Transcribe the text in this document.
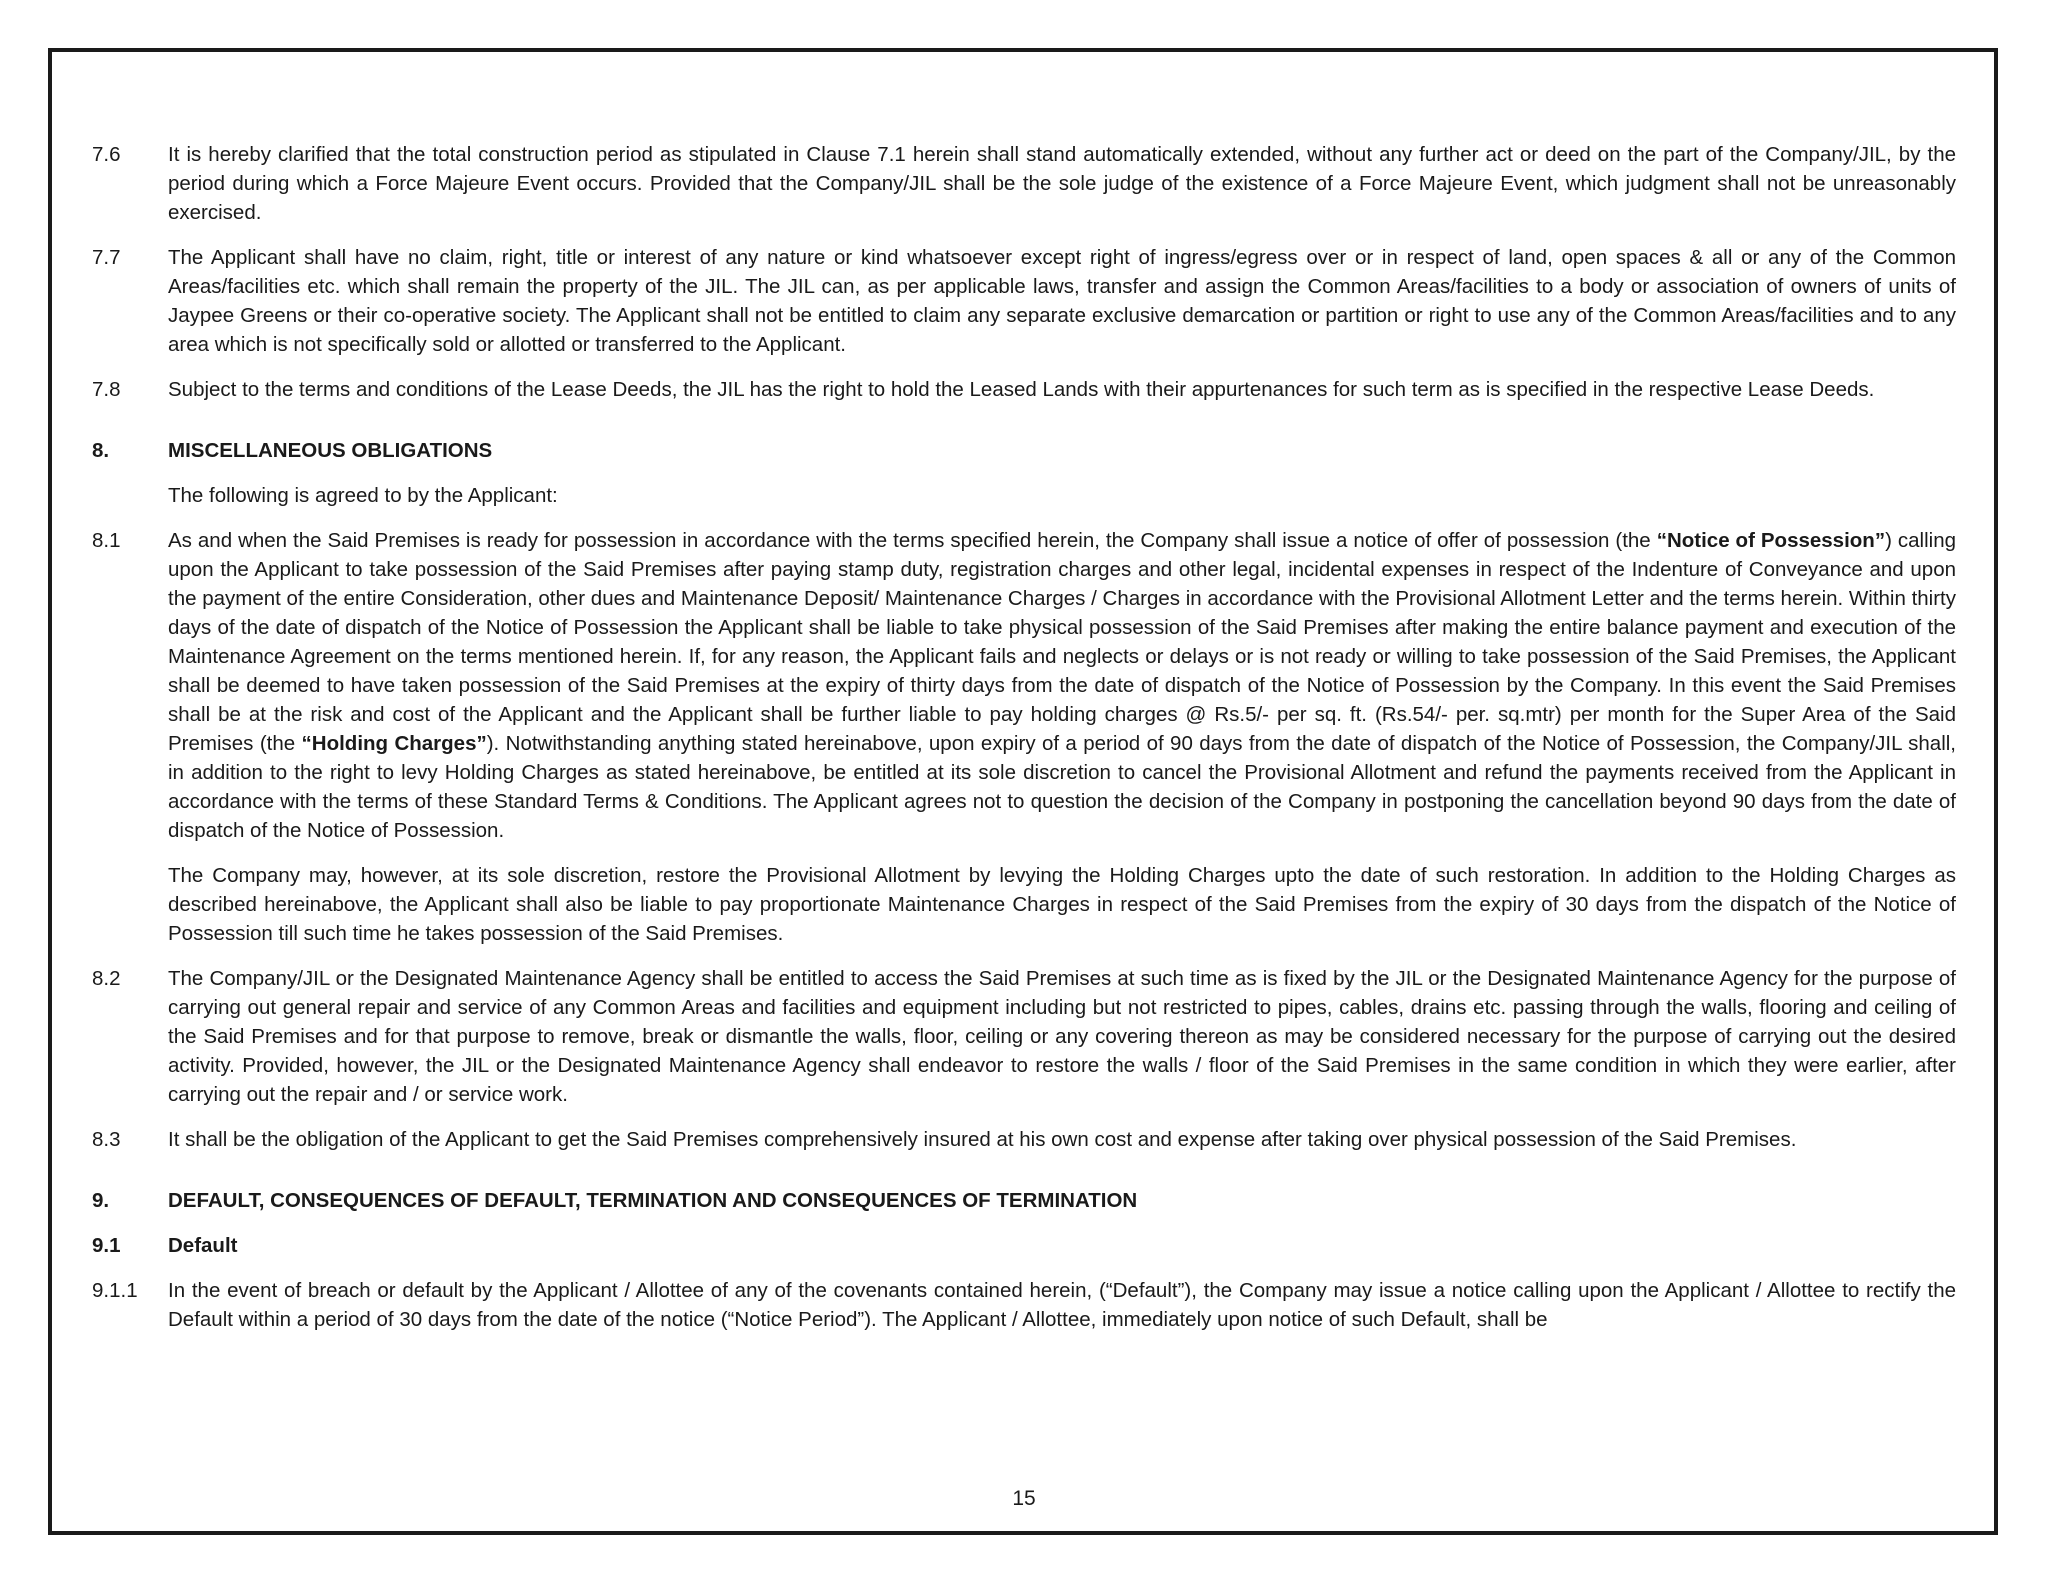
7.6	It is hereby clarified that the total construction period as stipulated in Clause 7.1 herein shall stand automatically extended, without any further act or deed on the part of the Company/JIL, by the period during which a Force Majeure Event occurs. Provided that the Company/JIL shall be the sole judge of the existence of a Force Majeure Event, which judgment shall not be unreasonably exercised.
7.7	The Applicant shall have no claim, right, title or interest of any nature or kind whatsoever except right of ingress/egress over or in respect of land, open spaces & all or any of the Common Areas/facilities etc. which shall remain the property of the JIL. The JIL can, as per applicable laws, transfer and assign the Common Areas/facilities to a body or association of owners of units of Jaypee Greens or their co-operative society. The Applicant shall not be entitled to claim any separate exclusive demarcation or partition or right to use any of the Common Areas/facilities and to any area which is not specifically sold or allotted or transferred to the Applicant.
7.8	Subject to the terms and conditions of the Lease Deeds, the JIL has the right to hold the Leased Lands with their appurtenances for such term as is specified in the respective Lease Deeds.
8.	MISCELLANEOUS OBLIGATIONS
The following is agreed to by the Applicant:
8.1	As and when the Said Premises is ready for possession in accordance with the terms specified herein, the Company shall issue a notice of offer of possession (the “Notice of Possession”) calling upon the Applicant to take possession of the Said Premises after paying stamp duty, registration charges and other legal, incidental expenses in respect of the Indenture of Conveyance and upon the payment of the entire Consideration, other dues and Maintenance Deposit/ Maintenance Charges / Charges in accordance with the Provisional Allotment Letter and the terms herein. Within thirty days of the date of dispatch of the Notice of Possession the Applicant shall be liable to take physical possession of the Said Premises after making the entire balance payment and execution of the Maintenance Agreement on the terms mentioned herein. If, for any reason, the Applicant fails and neglects or delays or is not ready or willing to take possession of the Said Premises, the Applicant shall be deemed to have taken possession of the Said Premises at the expiry of thirty days from the date of dispatch of the Notice of Possession by the Company. In this event the Said Premises shall be at the risk and cost of the Applicant and the Applicant shall be further liable to pay holding charges @ Rs.5/- per sq. ft. (Rs.54/- per. sq.mtr) per month for the Super Area of the Said Premises (the “Holding Charges”). Notwithstanding anything stated hereinabove, upon expiry of a period of 90 days from the date of dispatch of the Notice of Possession, the Company/JIL shall, in addition to the right to levy Holding Charges as stated hereinabove, be entitled at its sole discretion to cancel the Provisional Allotment and refund the payments received from the Applicant in accordance with the terms of these Standard Terms & Conditions. The Applicant agrees not to question the decision of the Company in postponing the cancellation beyond 90 days from the date of dispatch of the Notice of Possession.
The Company may, however, at its sole discretion, restore the Provisional Allotment by levying the Holding Charges upto the date of such restoration. In addition to the Holding Charges as described hereinabove, the Applicant shall also be liable to pay proportionate Maintenance Charges in respect of the Said Premises from the expiry of 30 days from the dispatch of the Notice of Possession till such time he takes possession of the Said Premises.
8.2	The Company/JIL or the Designated Maintenance Agency shall be entitled to access the Said Premises at such time as is fixed by the JIL or the Designated Maintenance Agency for the purpose of carrying out general repair and service of any Common Areas and facilities and equipment including but not restricted to pipes, cables, drains etc. passing through the walls, flooring and ceiling of the Said Premises and for that purpose to remove, break or dismantle the walls, floor, ceiling or any covering thereon as may be considered necessary for the purpose of carrying out the desired activity. Provided, however, the JIL or the Designated Maintenance Agency shall endeavor to restore the walls / floor of the Said Premises in the same condition in which they were earlier, after carrying out the repair and / or service work.
8.3	It shall be the obligation of the Applicant to get the Said Premises comprehensively insured at his own cost and expense after taking over physical possession of the Said Premises.
9.	DEFAULT, CONSEQUENCES OF DEFAULT, TERMINATION AND CONSEQUENCES OF TERMINATION
9.1	Default
9.1.1	In the event of breach or default by the Applicant / Allottee of any of the covenants contained herein, (“Default”), the Company may issue a notice calling upon the Applicant / Allottee to rectify the Default within a period of 30 days from the date of the notice (“Notice Period”). The Applicant / Allottee, immediately upon notice of such Default, shall be
15
